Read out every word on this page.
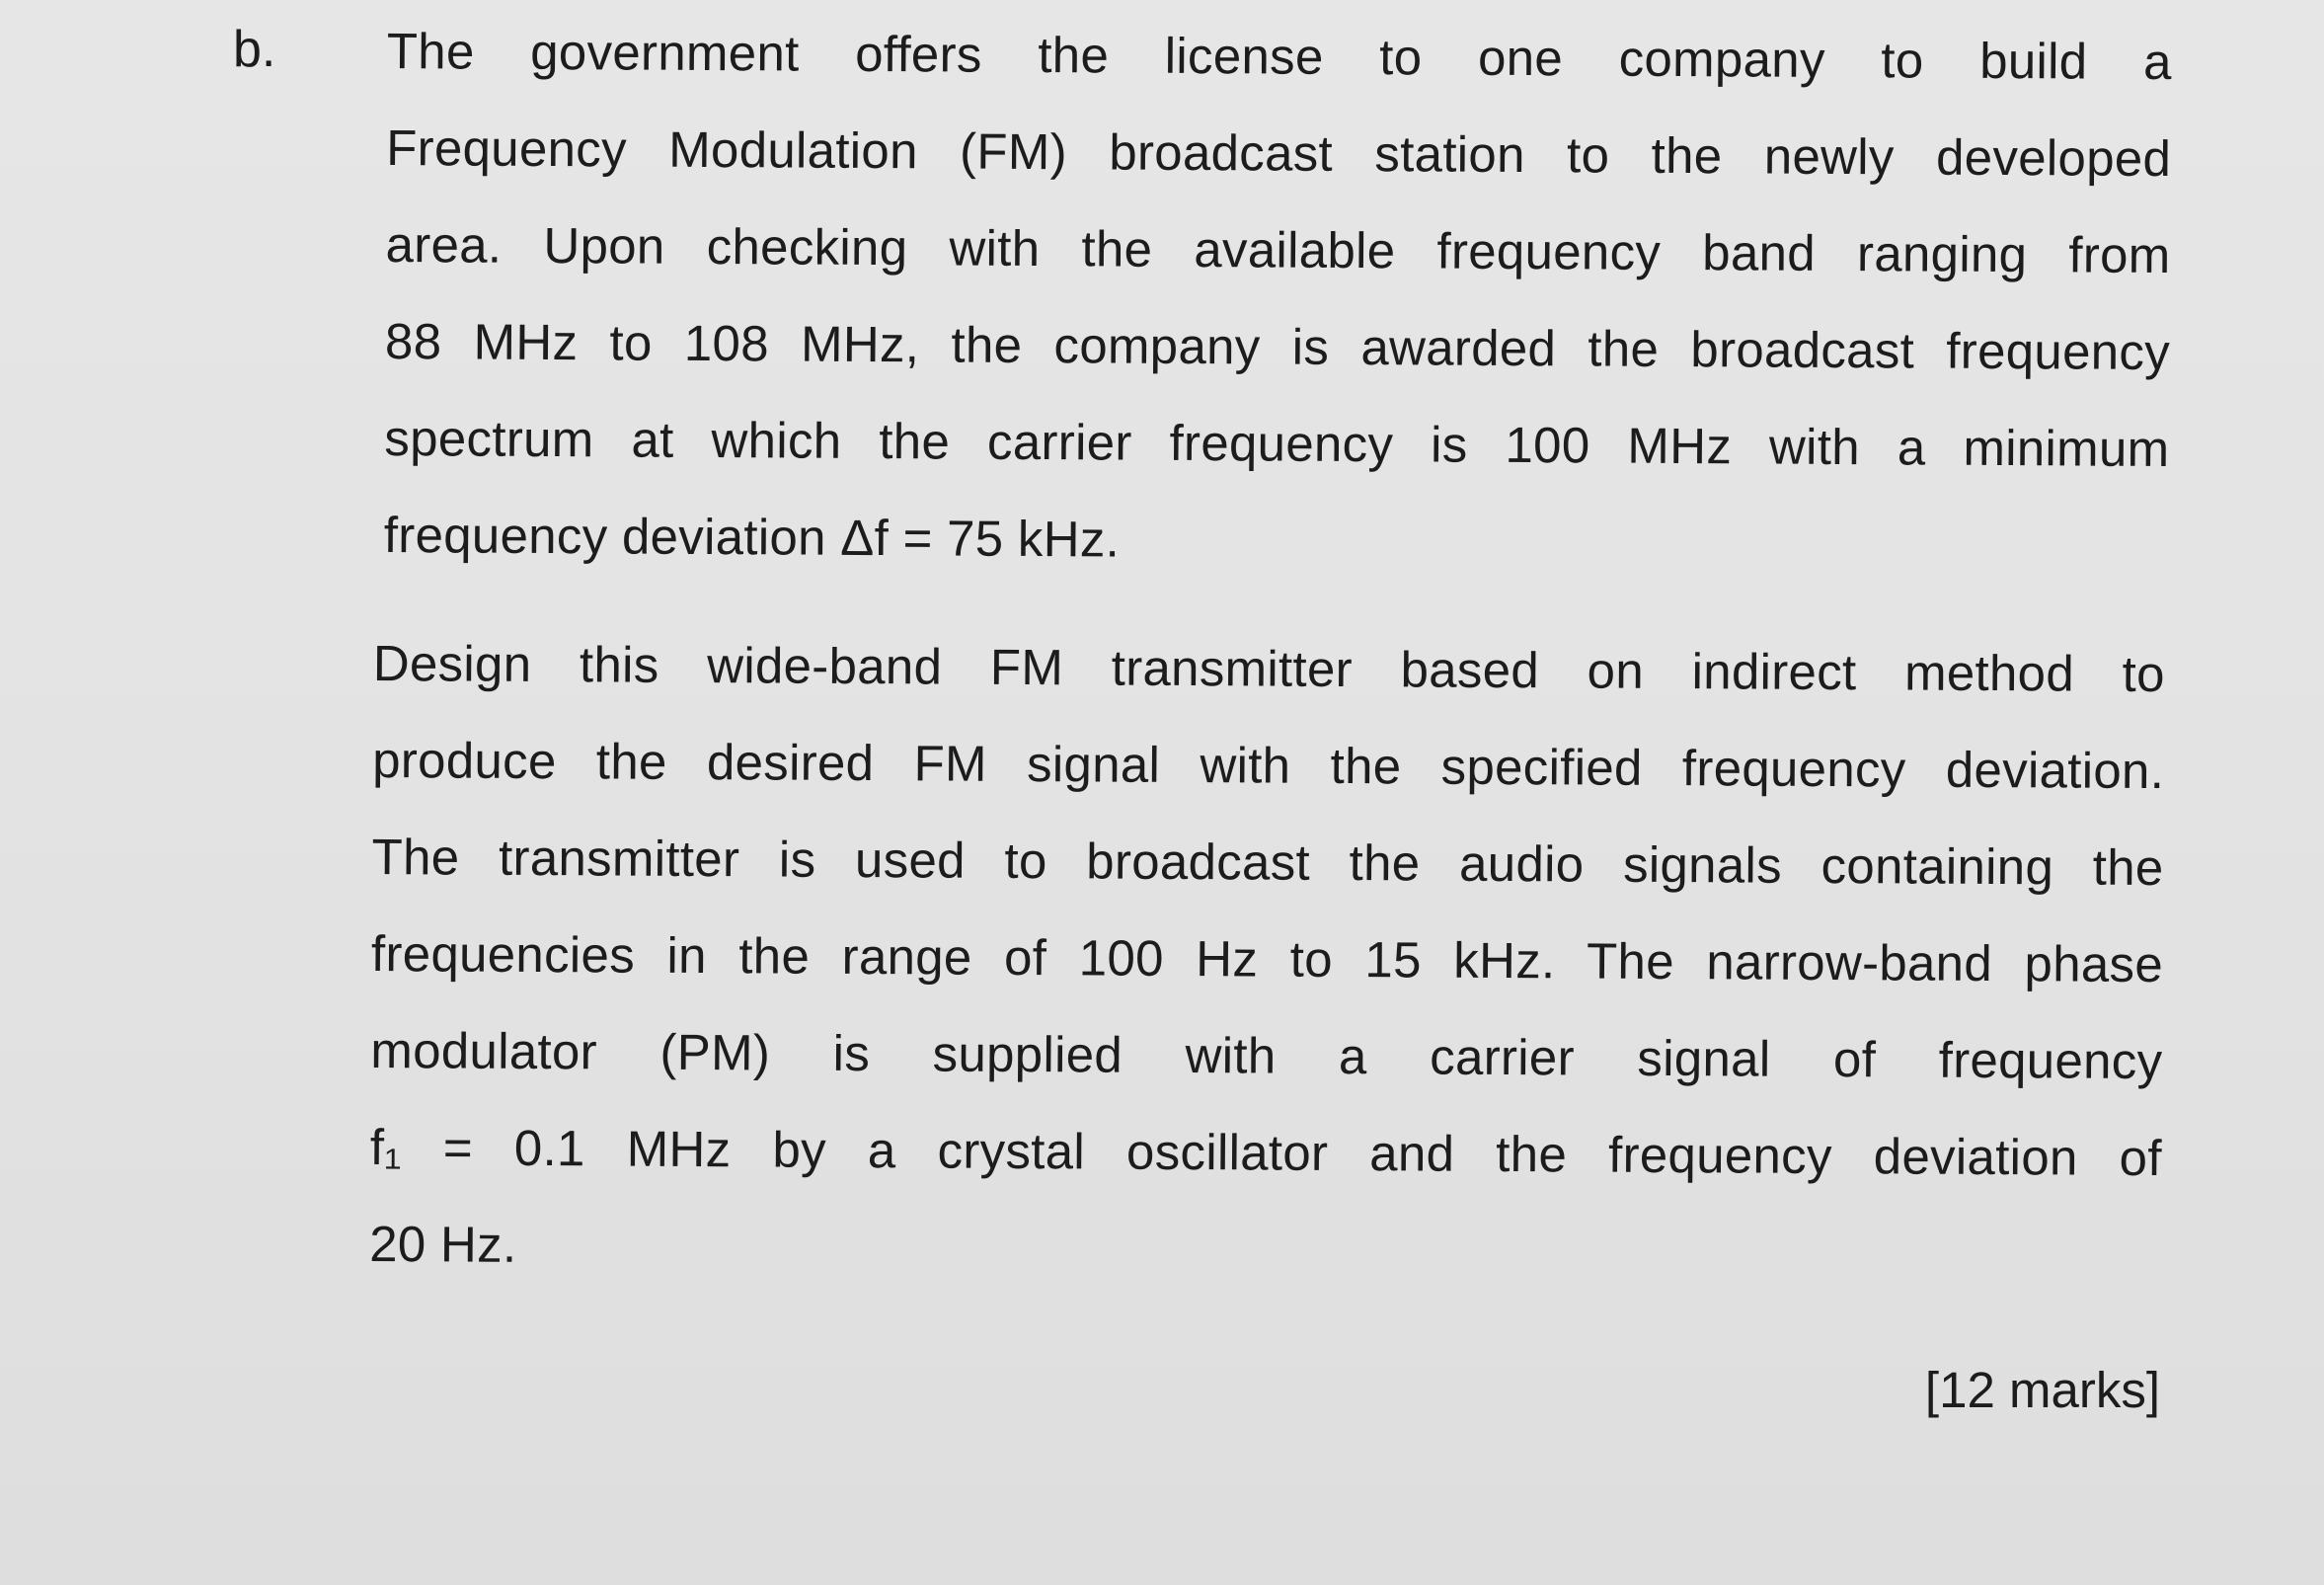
b. The government offers the license to one company to build a
Frequency Modulation (FM) broadcast station to the newly developed
area. Upon checking with the available frequency band ranging from
88 MHz to 108 MHz, the company is awarded the broadcast frequency
spectrum at which the carrier frequency is 100 MHz with a minimum
frequency deviation Δf = 75 kHz.
Design this wide-band FM transmitter based on indirect method to
produce the desired FM signal with the specified frequency deviation.
The transmitter is used to broadcast the audio signals containing the
frequencies in the range of 100 Hz to 15 kHz. The narrow-band phase
modulator (PM) is supplied with a carrier signal of frequency
f₁ = 0.1 MHz by a crystal oscillator and the frequency deviation of
20 Hz.
[12 marks]
